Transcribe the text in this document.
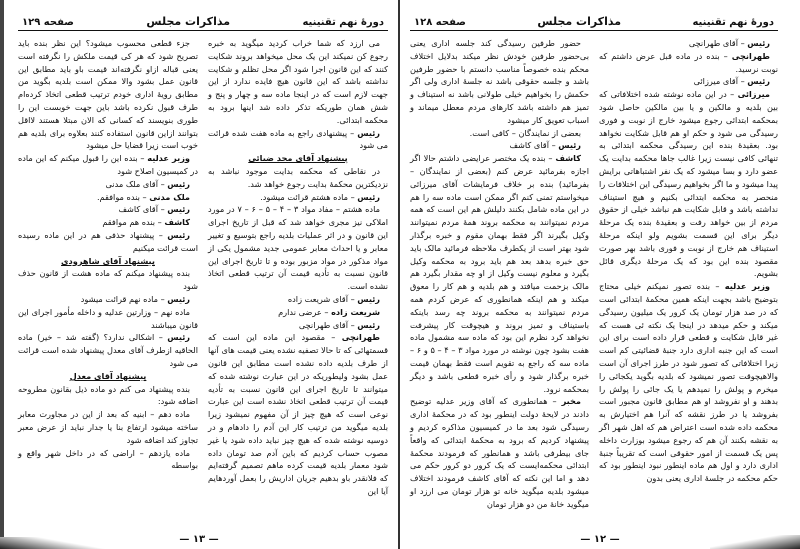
دورهٔ نهم تقنینیه
مذاکرات مجلس
صفحه ۱۲۸

رئیس – آقای طهرانچی

طهرانچی – بنده در ماده قبل عرض داشتم که نوبت نرسید.

رئیس – آقای میرزائی

میرزائی – در این ماده نوشته شده اختلافاتی که بین بلدیه و مالکین و یا بین مالکین حاصل شود بمحکمه ابتدائی رجوع میشود خارج از نوبت و فوری رسیدگی می شود و حکم او هم قابل شکایت نخواهد بود. بعقیدهٔ بنده این رسیدگی محکمه ابتدائی به تنهائی کافی نیست زیرا غالب جاها محکمه بدایت یک عضو دارد و بسا میشود که یک نفر اشتباهاتی برایش پیدا میشود و ما اگر بخواهیم رسیدگی این اختلافات را منحصر به محکمه ابتدائی بکنیم و هیچ استیناف نداشته باشد و قابل شکایت هم نباشد خیلی از حقوق مردم از بین خواهد رفت و بعقیدهٔ بنده یک مرحلهٔ دیگر برای این قسمت بشویم ولو اینکه مرحلهٔ استیناف هم خارج از نوبت و فوری باشد بهر صورت مقصود بنده این بود که یک مرحلهٔ دیگری قائل بشویم.

وزیر عدلیه – بنده تصور نمیکنم خیلی محتاج بتوضیح باشد بجهت اینکه همین محکمهٔ ابتدائی است که در صد هزار تومان یک کرور یک میلیون رسیدگی میکند و حکم میدهد در اینجا یک نکته ئی هست که غیر قابل شکایت و قطعی قرار داده است برای این است که این جنبه اداری دارد جنبهٔ قضائیتی کم است زیرا اختلافاتی که تصور شود در طرز اجرای آن است والاهیچوقت تصور نمیشود که بلدیه بگوید یکجائی را میخرم و پولش را نمیدهم یا یک جائی را پولش را بدهند و او نفروشد او هم مطابق قانون مجبور است بفروشد یا در طرز نقشه که آنرا هم اختیارش به محکمه داده شده است اعتراض هم که اهل شهر اگر به نقشه بکنند آن هم که رجوع میشود بوزارت داخله پس یک قسمت از امور حقوقی است که تقریباً جنبهٔ اداری دارد و اول هم ماده اینطور نبود اینطور بود که حکم محکمه در جلسهٔ اداری یعنی بدون

حضور طرفین رسیدگی کند جلسه اداری یعنی بی‌حضور طرفین خودش نظر میکند بدلایل اختلاف محکم بنده خصوصاً مناسب دانستم با حضور طرفین باشد و جلسه حقوقی باشد نه جلسهٔ اداری ولی اگر حکمش را بخواهیم خیلی طولانی باشد نه استیناف و تمیز هم داشته باشد کارهای مردم معطل میماند و اسباب تعویق کار میشود

بعضی از نمایندگان – کافی است.

رئیس – آقای کاشف

کاشف – بنده یک مختصر عرایضی داشتم حالا اگر اجازه بفرمائید عرض کنم (بعضی از نمایندگان – بفرمائید) بنده بر خلاف فرمایشات آقای میرزائی میخواستم تمنی کنم اگر ممکن است ماده سه را هم در این ماده شامل بکنند دلیلش هم این است که همه مردم نمیتوانند به محکمه بروند همهٔ مردم نمیتوانند وکیل بگیرند اگر فقط بهمان مقوم و خبره برگذار شود بهتر است از یکطرف ملاحظه فرمائید مالک باید حق خبره بدهد بعد هم باید برود به محکمه وکیل بگیرد و معلوم نیست وکیل از او چه مقدار بگیرد هم مالک بزحمت میافتد و هم بلدیه و هم کار را معوق میکند و هم اینکه همانطوری که عرض کردم همه مردم نمیتوانند به محکمه بروند چه رسد باینکه باستیناف و تمیز بروند و هیچوقت کار پیشرفت نخواهد کرد نظرم این بود که ماده سه مشمول ماده هفت بشود چون نوشته در مورد مواد ۳ – ۴ – ۵ و ۶ – ماده سه که راجع به تقویم است فقط بهمان قیمت خبره برگذار شود و رأی خبره قطعی باشد و دیگر بمحکمه نرود.

مخبر – همانطوری که آقای وزیر عدلیه توضیح دادند در لایحهٔ دولت اینطور بود که در محکمهٔ اداری رسیدگی شود بعد ما در کمیسیون مذاکره کردیم و پیشنهاد کردیم که برود به محکمهٔ ابتدائی که واقعاً جای بیطرفی باشد و همانطور که فرمودند محکمهٔ ابتدائی محکمه‌ایست که یک کرور دو کرور حکم می دهد و اما این نکته که آقای کاشف فرمودند اختلاف میشود بلدیه میگوید خانه تو هزار تومان می ارزد او میگوید خانهٔ من دو هزار تومان

— ۱۲ —
دورهٔ نهم تقنینیه
مذاکرات مجلس
صفحه ۱۲۹

می ارزد که شما خراب کردید میگوید به خبره رجوع کن نمیکند این یک محل میخواهد بروند شکایت کنند که این قانون اجرا شود اگر محل تظلم و شکایت نداشته باشد که این قانون هیچ فایده ندارد از این جهت لازم است که در اینجا ماده سه و چهار و پنج و شش همان طوریکه تذکر داده شد اینها برود به محکمه ابتدائی.

رئیس – پیشنهادی راجع به ماده هفت شده قرائت می شود

پیشنهاد آقای مجد ضیائی

در نقاطی که محکمه بدایت موجود نباشد به نزدیکترین محکمهٔ بدایت رجوع خواهد شد.

رئیس – ماده هشتم قرائت میشود.

ماده هشتم – مفاد مواد ۳ – ۴ – ۵ – ۶ – ۷ در مورد املاکی نیز مجری خواهد شد که قبل از تاریخ اجرای این قانون و در اثر عملیات بلدیه راجع بتوسیع و تغییر معابر و یا احداث معابر عمومی جدید مشمول یکی از مواد مذکور در مواد مزبور بوده و تا تاریخ اجرای این قانون نسبت به تأدیه قیمت آن ترتیب قطعی اتخاذ نشده است.

رئیس – آقای شریعت زاده

شریعت زاده – عرضی ندارم

رئیس – آقای طهرانچی

طهرانچی – مقصود این ماده این است که قسمتهائی که تا حالا تصفیه نشده یعنی قیمت های آنها از طرف بلدیه داده نشده است مطابق این قانون عمل بشود ولیطوریکه در این عبارت نوشته شده که میتوانند تا تاریخ اجرای این قانون نسبت به تأدیه قیمت آن ترتیب قطعی اتخاذ نشده است این عبارت نوعی است که هیچ چیز از آن مفهوم نمیشود زیرا بلدیه میگوید من ترتیب کار این آدم را دادهام و در دوسیه نوشته شده که هیچ چیز نباید داده شود یا غیر مصوب حساب کردیم که باین آدم صد تومان داده شود معمار بلدیه قیمت کرده ماهم تصمیم گرفته‌ایم که فلانقدر باو بدهیم جریان اداریش را بعمل آوردهایم آیا این

جزء قطعی محسوب میشود؟ این نظر بنده باید تصریح شود که هر کی قیمت ملکش را نگرفته است یعنی قباله ازاو نگرفته‌اند قیمت باو باید مطابق این قانون عمل بشود والا ممکن است بلدیه بگوید من مطابق رویهٔ اداری خودم ترتیب قطعی اتخاذ کرده‌ام طرف قبول نکرده باشد باین جهت خوبست این را طوری بنویسند که کسانی که الان مبتلا هستند لااقل بتوانند ازاین قانون استفاده کنند بعلاوه برای بلدیه هم خوب است زیرا قضایا حل میشود

وزیر عدلیه – بنده این را قبول میکنم که این ماده در کمیسیون اصلاح شود

رئیس – آقای ملک مدنی

ملک مدنی – بنده موافقم.

رئیس – آقای کاشف

کاشف – بنده هم موافقم

رئیس – پیشنهاد حذفی هم در این ماده رسیده است قرائت میکنیم

پیشنهاد آقای شاهرودی

بنده پیشنهاد میکنم که ماده هشت از قانون حذف شود

رئیس – ماده نهم قرائت میشود

ماده نهم – وزارتین عدلیه و داخله مأمور اجرای این قانون میباشند

رئیس – اشکالی ندارد؟ (گفته شد – خیر) ماده الحاقیه ازطرف آقای معدل پیشنهاد شده است قرائت می شود

پیشنهاد آقای معدل

بنده پیشنهاد می کنم دو ماده ذیل بقانون مطروحه اضافه شود:

ماده دهم – ابنیه که بعد از این در مجاورت معابر ساخته میشود ارتفاع بنا یا جدار نباید از عرض معبر تجاوز کند اضافه شود

ماده یازدهم – اراضی که در داخل شهر واقع و بواسطه

— ۱۳ —
